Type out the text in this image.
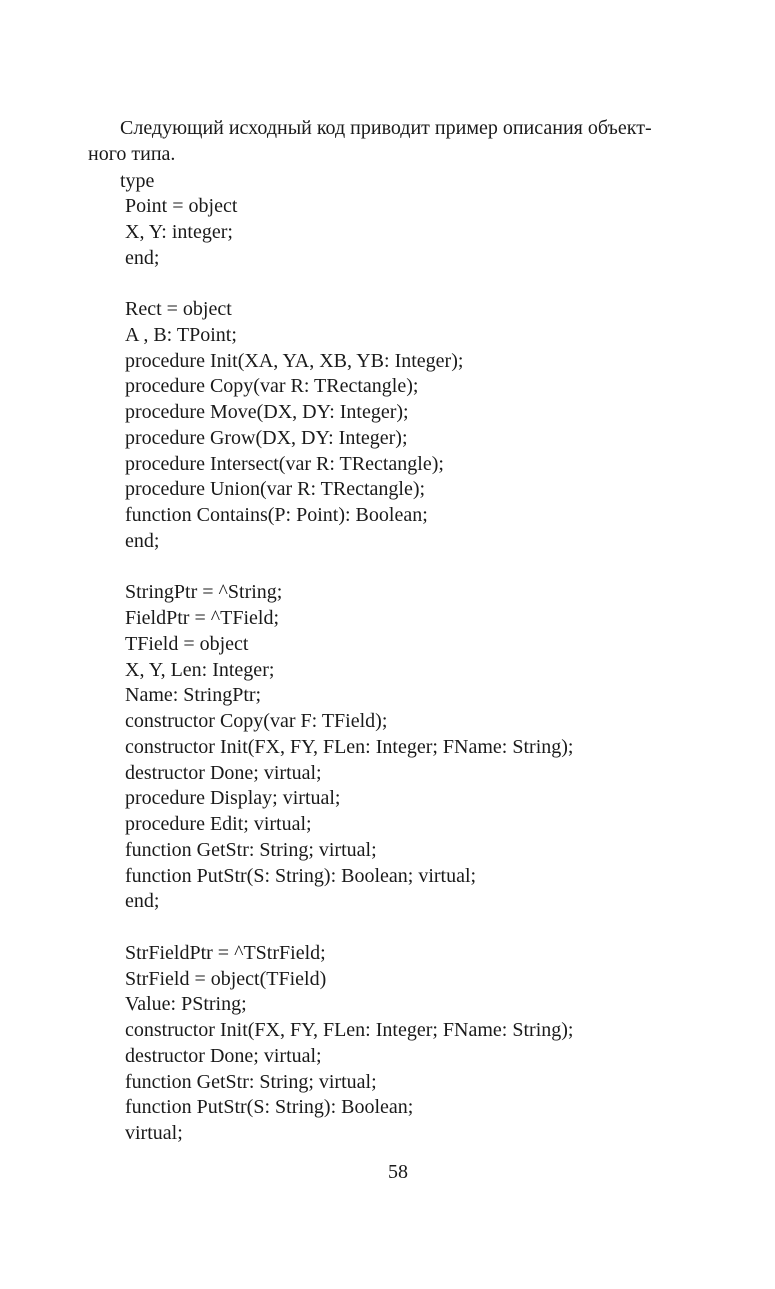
Следующий исходный код приводит пример описания объект-
ного типа.

type

Point = object
X, Y: integer;
end;
Rect = object
A , B: TPoint;
procedure Init(XA, YA, XB, YB: Integer);
procedure Copy(var R: TRectangle);
procedure Move(DX, DY: Integer);
procedure Grow(DX, DY: Integer);
procedure Intersect(var R: TRectangle);
procedure Union(var R: TRectangle);
function Contains(P: Point): Boolean;
end;
StringPtr = ^String;
FieldPtr = ^TField;
TField = object
X, Y, Len: Integer;
Name: StringPtr;
constructor Copy(var F: TField);
constructor Init(FX, FY, FLen: Integer; FName: String);
destructor Done; virtual;
procedure Display; virtual;
procedure Edit; virtual;
function GetStr: String; virtual;
function PutStr(S: String): Boolean; virtual;
end;
StrFieldPtr = ^TStrField;
StrField = object(TField)
Value: PString;
constructor Init(FX, FY, FLen: Integer; FName: String);
destructor Done; virtual;
function GetStr: String; virtual;
function PutStr(S: String): Boolean;
virtual;

58
